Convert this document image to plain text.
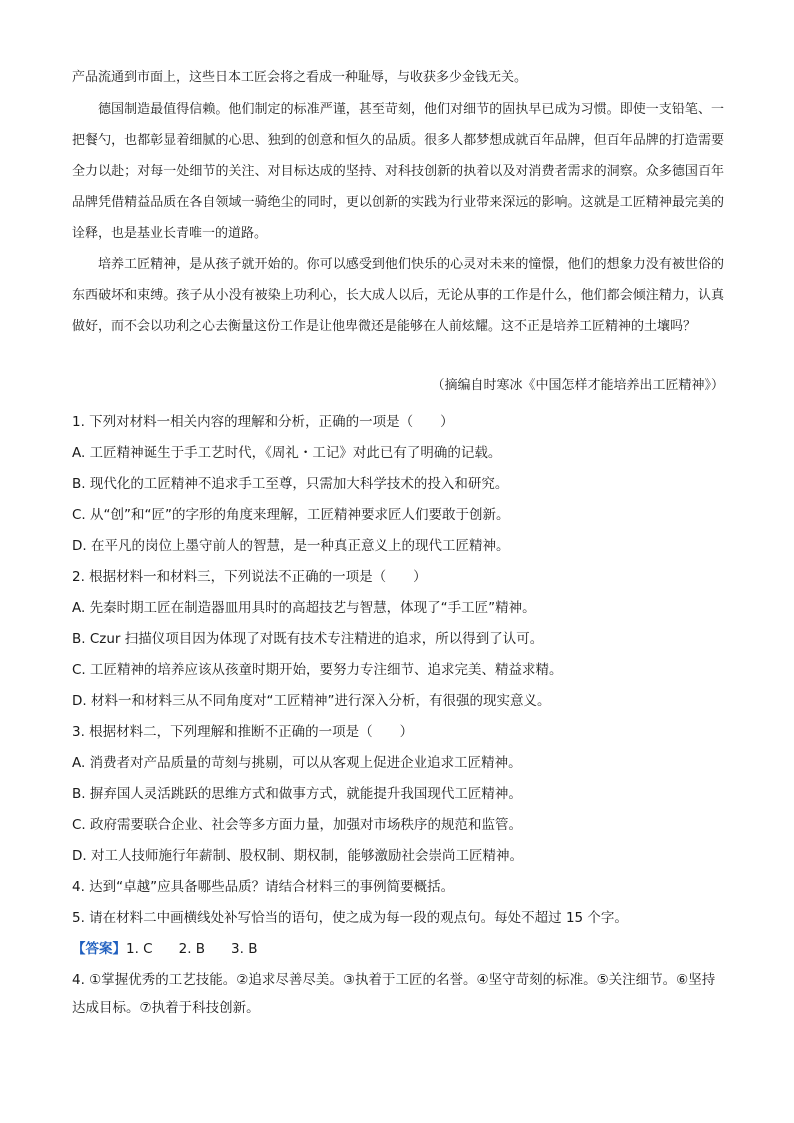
产品流通到市面上，这些日本工匠会将之看成一种耻辱，与收获多少金钱无关。

德国制造最值得信赖。他们制定的标准严谨，甚至苛刻，他们对细节的固执早已成为习惯。即使一支铅笔、一把餐勺，也都彰显着细腻的心思、独到的创意和恒久的品质。很多人都梦想成就百年品牌，但百年品牌的打造需要全力以赴；对每一处细节的关注、对目标达成的坚持、对科技创新的执着以及对消费者需求的洞察。众多德国百年品牌凭借精益品质在各自领域一骑绝尘的同时，更以创新的实践为行业带来深远的影响。这就是工匠精神最完美的诠释，也是基业长青唯一的道路。

培养工匠精神，是从孩子就开始的。你可以感受到他们快乐的心灵对未来的憧憬，他们的想象力没有被世俗的东西破坏和束缚。孩子从小没有被染上功利心，长大成人以后，无论从事的工作是什么，他们都会倾注精力，认真做好，而不会以功利之心去衡量这份工作是让他卑微还是能够在人前炫耀。这不正是培养工匠精神的土壤吗？

（摘编自时寒冰《中国怎样才能培养出工匠精神》）
1. 下列对材料一相关内容的理解和分析，正确的一项是（　　）
A. 工匠精神诞生于手工艺时代，《周礼・工记》对此已有了明确的记载。
B. 现代化的工匠精神不追求手工至尊，只需加大科学技术的投入和研究。
C. 从“创”和“匠”的字形的角度来理解，工匠精神要求匠人们要敢于创新。
D. 在平凡的岗位上墨守前人的智慧，是一种真正意义上的现代工匠精神。
2. 根据材料一和材料三，下列说法不正确的一项是（　　）
A. 先秦时期工匠在制造器皿用具时的高超技艺与智慧，体现了“手工匠”精神。
B. Czur 扫描仪项目因为体现了对既有技术专注精进的追求，所以得到了认可。
C. 工匠精神的培养应该从孩童时期开始，要努力专注细节、追求完美、精益求精。
D. 材料一和材料三从不同角度对“工匠精神”进行深入分析，有很强的现实意义。
3. 根据材料二，下列理解和推断不正确的一项是（　　）
A. 消费者对产品质量的苛刻与挑剔，可以从客观上促进企业追求工匠精神。
B. 摒弃国人灵活跳跃的思维方式和做事方式，就能提升我国现代工匠精神。
C. 政府需要联合企业、社会等多方面力量，加强对市场秩序的规范和监管。
D. 对工人技师施行年薪制、股权制、期权制，能够激励社会崇尚工匠精神。
4. 达到“卓越”应具备哪些品质？请结合材料三的事例简要概括。
5. 请在材料二中画横线处补写恰当的语句，使之成为每一段的观点句。每处不超过 15 个字。
【答案】1. C 2. B 3. B
4. ①掌握优秀的工艺技能。②追求尽善尽美。③执着于工匠的名誉。④坚守苛刻的标准。⑤关注细节。⑥坚持达成目标。⑦执着于科技创新。
